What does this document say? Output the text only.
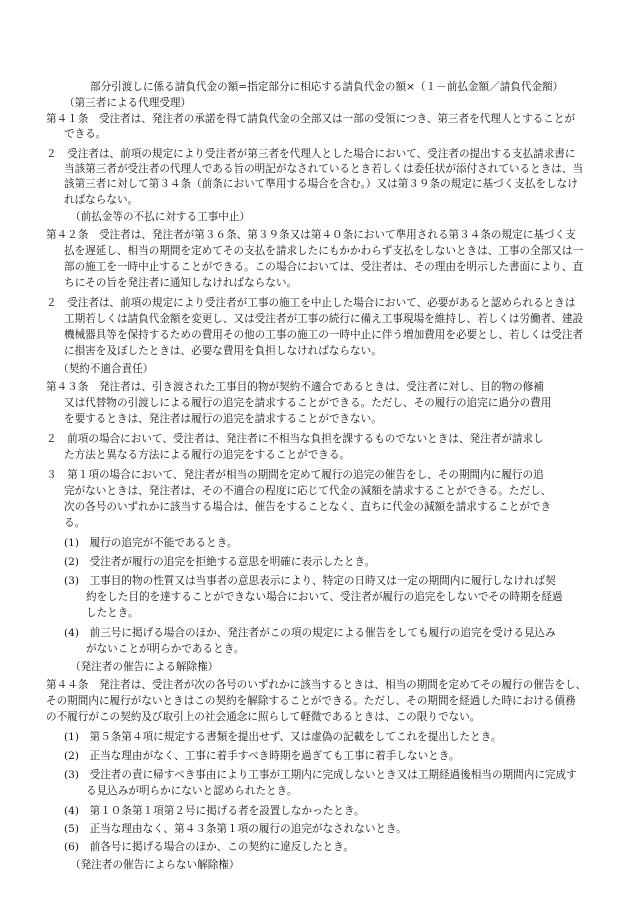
部分引渡しに係る請負代金の額=指定部分に相応する請負代金の額×（１－前払金額／請負代金額）
（第三者による代理受理）
第４１条　受注者は、発注者の承諾を得て請負代金の全部又は一部の受領につき、第三者を代理人とすることが
できる。
２　受注者は、前項の規定により受注者が第三者を代理人とした場合において、受注者の提出する支払請求書に
当該第三者が受注者の代理人である旨の明記がなされているとき若しくは委任状が添付されているときは、当
該第三者に対して第３４条（前条において準用する場合を含む。）又は第３９条の規定に基づく支払をしなけ
ればならない。
（前払金等の不払に対する工事中止）
第４２条　受注者は、発注者が第３６条、第３９条又は第４０条において準用される第３４条の規定に基づく支
払を遅延し、相当の期間を定めてその支払を請求したにもかかわらず支払をしないときは、工事の全部又は一
部の施工を一時中止することができる。この場合においては、受注者は、その理由を明示した書面により、直
ちにその旨を発注者に通知しなければならない。
２　受注者は、前項の規定により受注者が工事の施工を中止した場合において、必要があると認められるときは
工期若しくは請負代金額を変更し、又は受注者が工事の続行に備え工事現場を維持し、若しくは労働者、建設
機械器具等を保持するための費用その他の工事の施工の一時中止に伴う増加費用を必要とし、若しくは受注者
に損害を及ぼしたときは、必要な費用を負担しなければならない。
（契約不適合責任）
第４３条　発注者は、引き渡された工事目的物が契約不適合であるときは、受注者に対し、目的物の修補
又は代替物の引渡しによる履行の追完を請求することができる。ただし、その履行の追完に過分の費用
を要するときは、発注者は履行の追完を請求することができない。
２　前項の場合において、受注者は、発注者に不相当な負担を課するものでないときは、発注者が請求し
た方法と異なる方法による履行の追完をすることができる。
３　第１項の場合において、発注者が相当の期間を定めて履行の追完の催告をし、その期間内に履行の追
完がないときは、発注者は、その不適合の程度に応じて代金の減額を請求することができる。ただし、
次の各号のいずれかに該当する場合は、催告をすることなく、直ちに代金の減額を請求することができ
る。
(1)　履行の追完が不能であるとき。
(2)　受注者が履行の追完を拒絶する意思を明確に表示したとき。
(3)　工事目的物の性質又は当事者の意思表示により、特定の日時又は一定の期間内に履行しなければ契
約をした目的を達することができない場合において、受注者が履行の追完をしないでその時期を経過
したとき。
(4)　前三号に掲げる場合のほか、発注者がこの項の規定による催告をしても履行の追完を受ける見込み
がないことが明らかであるとき。
（発注者の催告による解除権）
第４４条　発注者は、受注者が次の各号のいずれかに該当するときは、相当の期間を定めてその履行の催告をし、
その期間内に履行がないときはこの契約を解除することができる。ただし、その期間を経過した時における債務
の不履行がこの契約及び取引上の社会通念に照らして軽微であるときは、この限りでない。
(1)　第５条第４項に規定する書類を提出せず、又は虚偽の記載をしてこれを提出したとき。
(2)　正当な理由がなく、工事に着手すべき時期を過ぎても工事に着手しないとき。
(3)　受注者の責に帰すべき事由により工事が工期内に完成しないとき又は工期経過後相当の期間内に完成す
る見込みが明らかにないと認められたとき。
(4)　第１０条第１項第２号に掲げる者を設置しなかったとき。
(5)　正当な理由なく、第４３条第１項の履行の追完がなされないとき。
(6)　前各号に掲げる場合のほか、この契約に違反したとき。
（発注者の催告によらない解除権）
